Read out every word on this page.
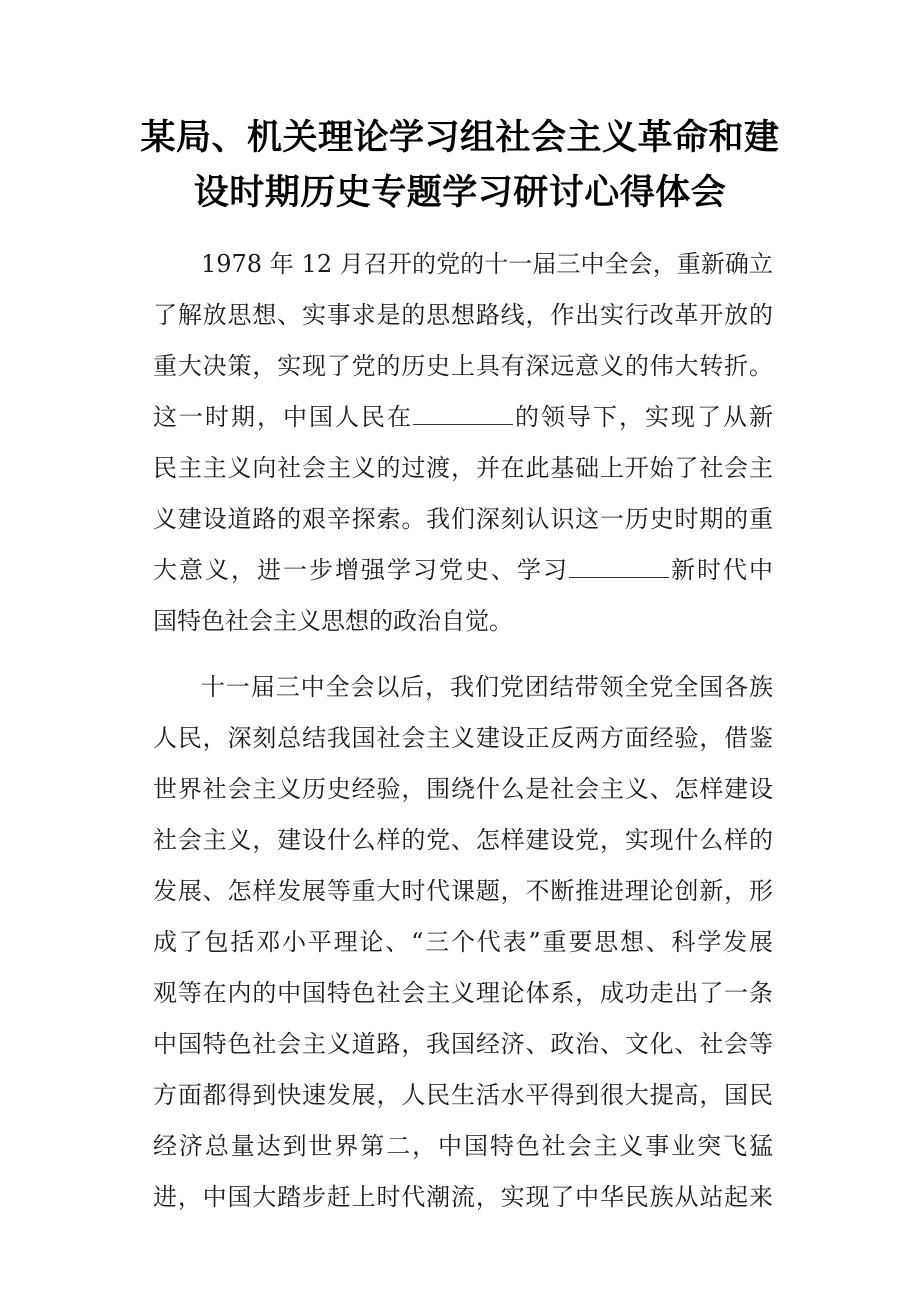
某局、机关理论学习组社会主义革命和建
设时期历史专题学习研讨心得体会
1978 年 12 月召开的党的十一届三中全会，重新确立
了解放思想、实事求是的思想路线，作出实行改革开放的
重大决策，实现了党的历史上具有深远意义的伟大转折。
这一时期，中国人民在	的领导下，实现了从新
民主主义向社会主义的过渡，并在此基础上开始了社会主
义建设道路的艰辛探索。我们深刻认识这一历史时期的重
大意义，进一步增强学习党史、学习	新时代中
国特色社会主义思想的政治自觉。
十一届三中全会以后，我们党团结带领全党全国各族
人民，深刻总结我国社会主义建设正反两方面经验，借鉴
世界社会主义历史经验，围绕什么是社会主义、怎样建设
社会主义，建设什么样的党、怎样建设党，实现什么样的
发展、怎样发展等重大时代课题，不断推进理论创新，形
成了包括邓小平理论、“三个代表”重要思想、科学发展
观等在内的中国特色社会主义理论体系，成功走出了一条
中国特色社会主义道路，我国经济、政治、文化、社会等
方面都得到快速发展，人民生活水平得到很大提高，国民
经济总量达到世界第二，中国特色社会主义事业突飞猛
进，中国大踏步赶上时代潮流，实现了中华民族从站起来
